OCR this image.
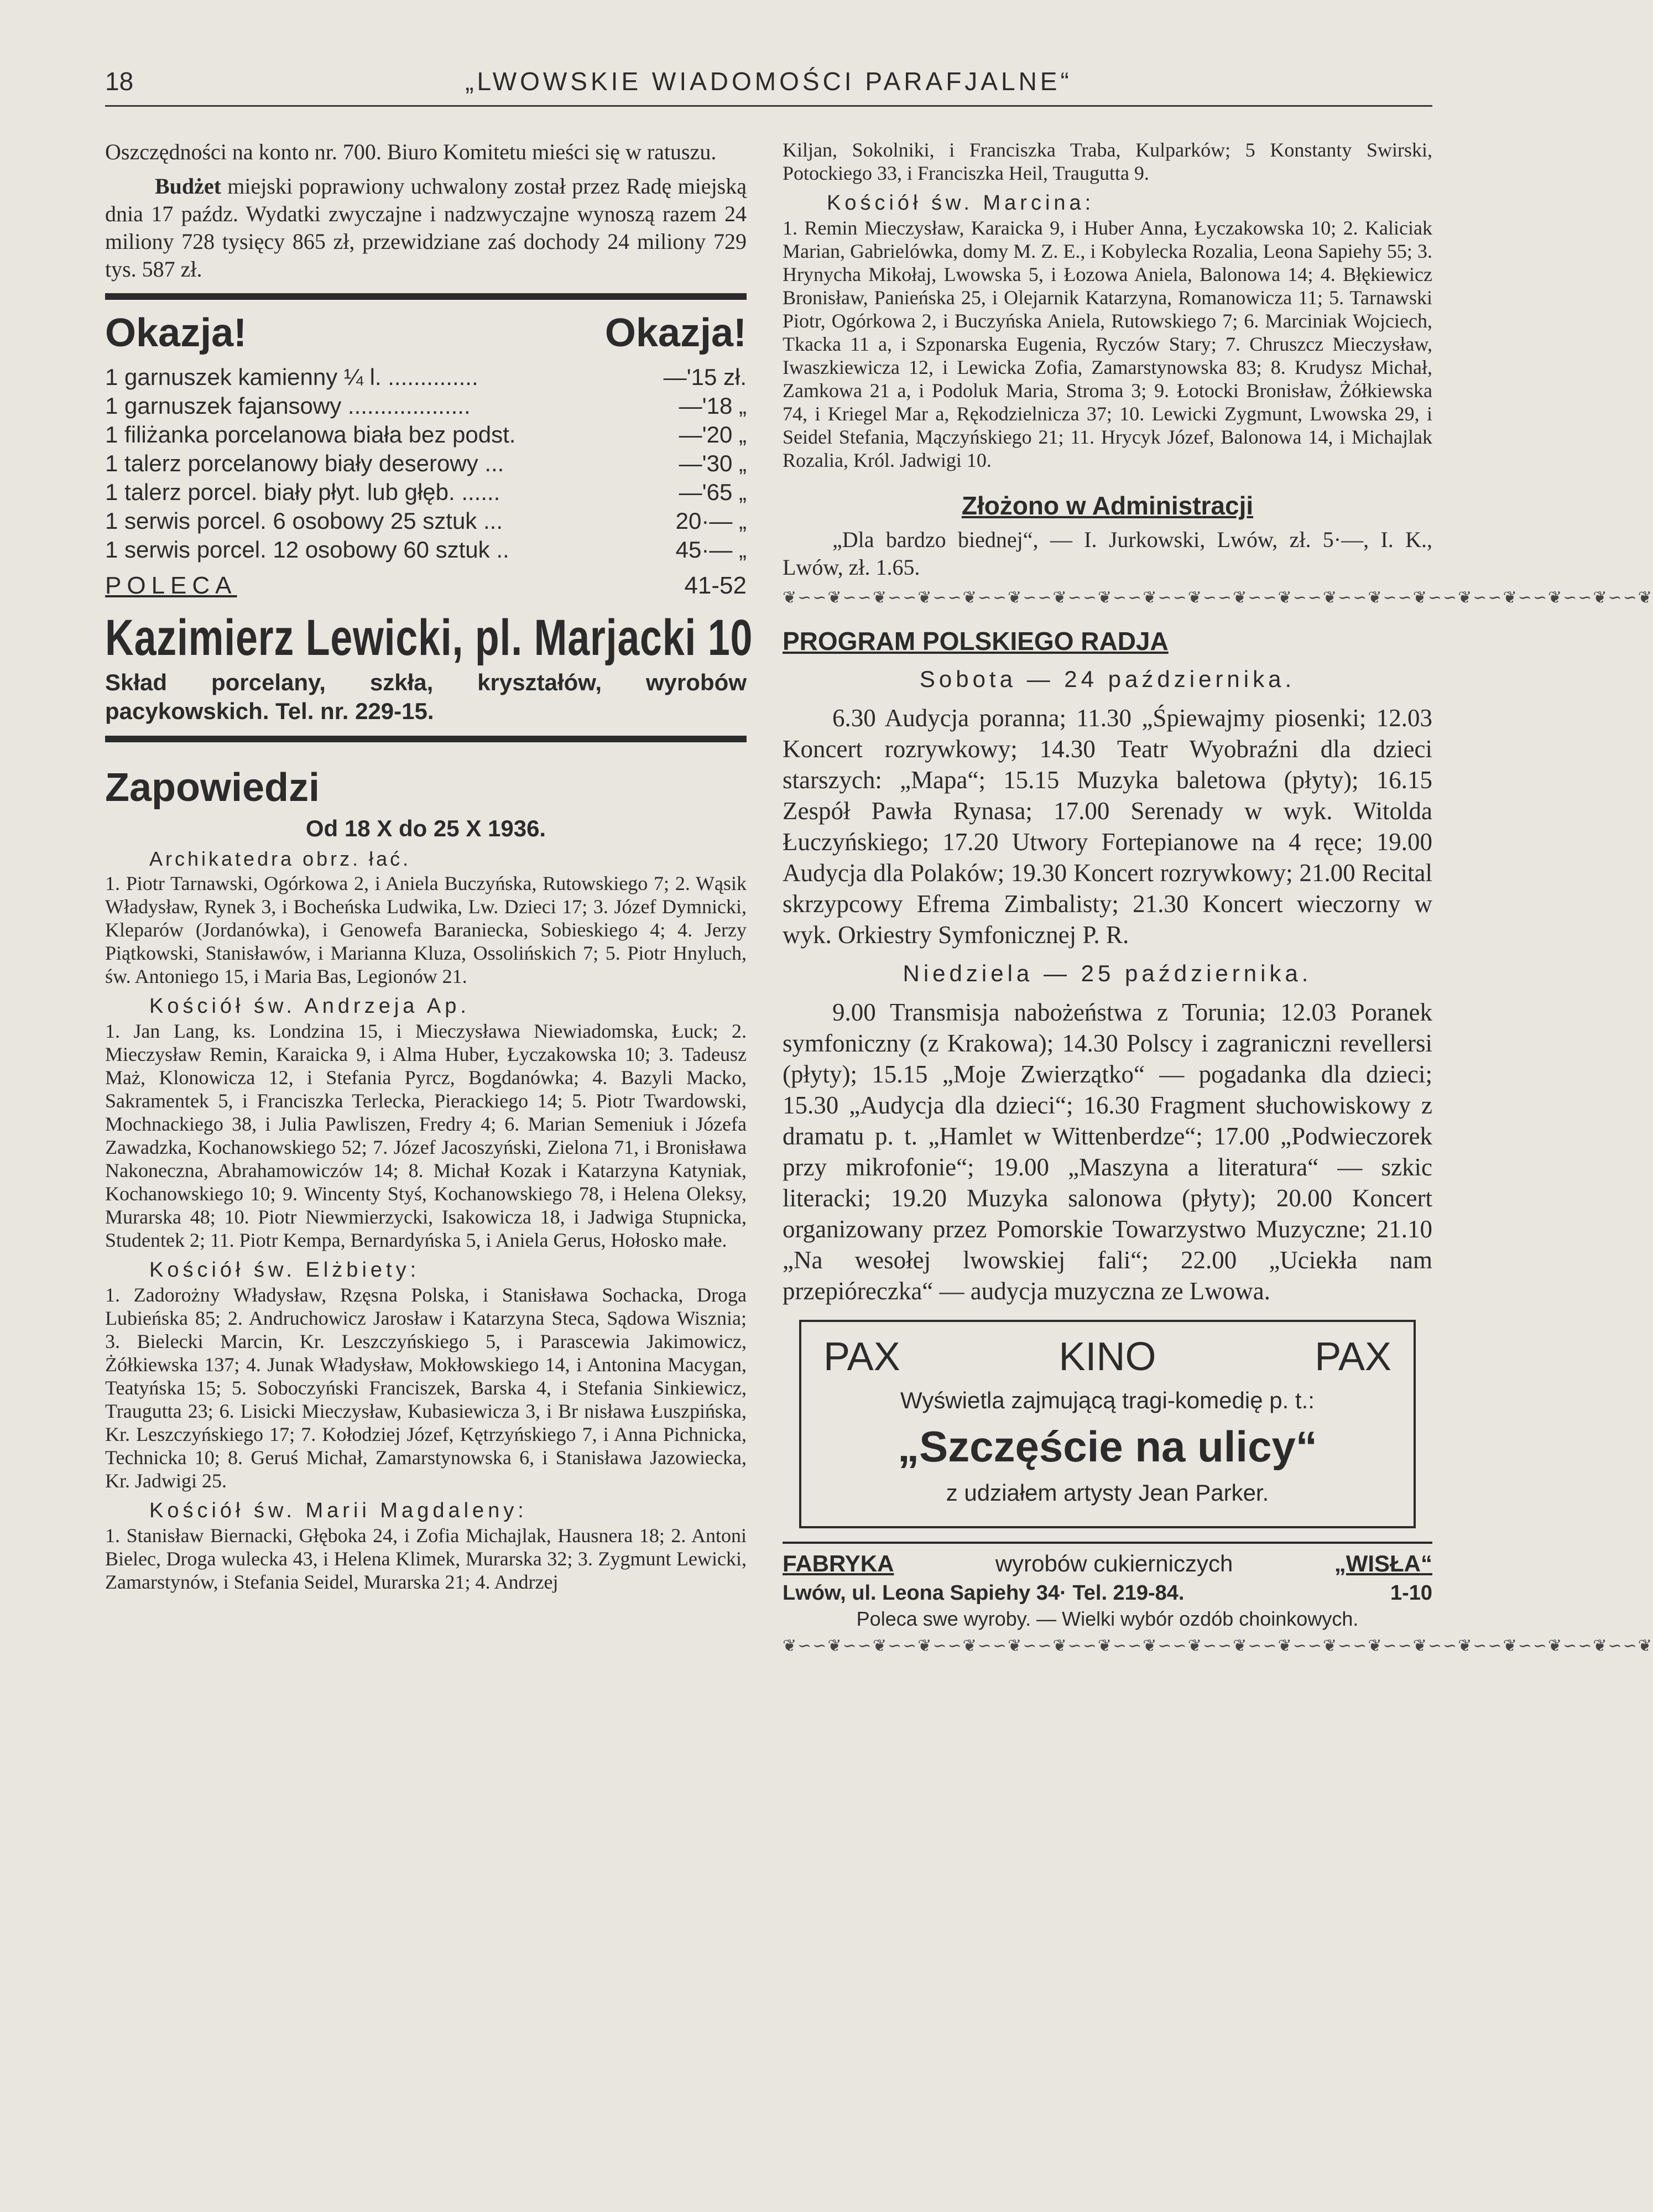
18	„LWOWSKIE WIADOMOŚCI PARAFJALNE“

Oszczędności na konto nr. 700. Biuro Komitetu mieści się w ratuszu.

Budżet miejski poprawiony uchwalony został przez Radę miejską dnia 17 paźdz. Wydatki zwyczajne i nadzwyczajne wynoszą razem 24 miliony 728 tysięcy 865 zł, przewidziane zaś dochody 24 miliony 729 tys. 587 zł.

Okazja!	Okazja!
1 garnuszek kamienny ¼ l. ..............	—'15 zł.
1 garnuszek fajansowy ...................	—'18 „
1 filiżanka porcelanowa biała bez podst.	—'20 „
1 talerz porcelanowy biały deserowy ...	—'30 „
1 talerz porcel. biały płyt. lub głęb. ......	—'65 „
1 serwis porcel. 6 osobowy 25 sztuk ...	20·— „
1 serwis porcel. 12 osobowy 60 sztuk ..	45·— „
POLECA	41-52
Kazimierz Lewicki, pl. Marjacki 10
Skład porcelany, szkła, kryształów, wyrobów pacykowskich. Tel. nr. 229-15.
Zapowiedzi
Od 18 X do 25 X 1936.
Archikatedra obrz. łać.

1. Piotr Tarnawski, Ogórkowa 2, i Aniela Buczyńska, Rutowskiego 7; 2. Wąsik Władysław, Rynek 3, i Bocheńska Ludwika, Lw. Dzieci 17; 3. Józef Dymnicki, Kleparów (Jordanówka), i Genowefa Baraniecka, Sobieskiego 4; 4. Jerzy Piątkowski, Stanisławów, i Marianna Kluza, Ossolińskich 7; 5. Piotr Hnyluch, św. Antoniego 15, i Maria Bas, Legionów 21.

Kościół św. Andrzeja Ap.

1. Jan Lang, ks. Londzina 15, i Mieczysława Niewiadomska, Łuck; 2. Mieczysław Remin, Karaicka 9, i Alma Huber, Łyczakowska 10; 3. Tadeusz Maż, Klonowicza 12, i Stefania Pyrcz, Bogdanówka; 4. Bazyli Macko, Sakramentek 5, i Franciszka Terlecka, Pierackiego 14; 5. Piotr Twardowski, Mochnackiego 38, i Julia Pawliszen, Fredry 4; 6. Marian Semeniuk i Józefa Zawadzka, Kochanowskiego 52; 7. Józef Jacoszyński, Zielona 71, i Bronisława Nakoneczna, Abrahamowiczów 14; 8. Michał Kozak i Katarzyna Katyniak, Kochanowskiego 10; 9. Wincenty Styś, Kochanowskiego 78, i Helena Oleksy, Murarska 48; 10. Piotr Niewmierzycki, Isakowicza 18, i Jadwiga Stupnicka, Studentek 2; 11. Piotr Kempa, Bernardyńska 5, i Aniela Gerus, Hołosko małe.

Kościół św. Elżbiety:

1. Zadorożny Władysław, Rzęsna Polska, i Stanisława Sochacka, Droga Lubieńska 85; 2. Andruchowicz Jarosław i Katarzyna Steca, Sądowa Wisznia; 3. Bielecki Marcin, Kr. Leszczyńskiego 5, i Parascewia Jakimowicz, Żółkiewska 137; 4. Junak Władysław, Mokłowskiego 14, i Antonina Macygan, Teatyńska 15; 5. Soboczyński Franciszek, Barska 4, i Stefania Sinkiewicz, Traugutta 23; 6. Lisicki Mieczysław, Kubasiewicza 3, i Br nisława Łuszpińska, Kr. Leszczyńskiego 17; 7. Kołodziej Józef, Kętrzyńskiego 7, i Anna Pichnicka, Technicka 10; 8. Geruś Michał, Zamarstynowska 6, i Stanisława Jazowiecka, Kr. Jadwigi 25.

Kościół św. Marii Magdaleny:

1. Stanisław Biernacki, Głęboka 24, i Zofia Michajlak, Hausnera 18; 2. Antoni Bielec, Droga wulecka 43, i Helena Klimek, Murarska 32; 3. Zygmunt Lewicki, Zamarstynów, i Stefania Seidel, Murarska 21; 4. Andrzej

Kiljan, Sokolniki, i Franciszka Traba, Kulparków; 5 Konstanty Swirski, Potockiego 33, i Franciszka Heil, Traugutta 9.

Kościół św. Marcina:

1. Remin Mieczysław, Karaicka 9, i Huber Anna, Łyczakowska 10; 2. Kaliciak Marian, Gabrielówka, domy M. Z. E., i Kobylecka Rozalia, Leona Sapiehy 55; 3. Hrynycha Mikołaj, Lwowska 5, i Łozowa Aniela, Balonowa 14; 4. Błękiewicz Bronisław, Panieńska 25, i Olejarnik Katarzyna, Romanowicza 11; 5. Tarnawski Piotr, Ogórkowa 2, i Buczyńska Aniela, Rutowskiego 7; 6. Marciniak Wojciech, Tkacka 11 a, i Szponarska Eugenia, Ryczów Stary; 7. Chruszcz Mieczysław, Iwaszkiewicza 12, i Lewicka Zofia, Zamarstynowska 83; 8. Krudysz Michał, Zamkowa 21 a, i Podoluk Maria, Stroma 3; 9. Łotocki Bronisław, Żółkiewska 74, i Kriegel Mar a, Rękodzielnicza 37; 10. Lewicki Zygmunt, Lwowska 29, i Seidel Stefania, Mączyńskiego 21; 11. Hrycyk Józef, Balonowa 14, i Michajlak Rozalia, Król. Jadwigi 10.

Złożono w Administracji

„Dla bardzo biednej“, — I. Jurkowski, Lwów, zł. 5·—, I. K., Lwów, zł. 1.65.

❦∽∽❦∽∽❦∽∽❦∽∽❦∽∽❦∽∽❦∽∽❦∽∽❦∽∽❦∽∽❦∽∽❦∽∽❦∽∽❦∽∽❦∽∽❦∽∽❦∽∽❦∽∽❦∽∽❦
PROGRAM POLSKIEGO RADJA
Sobota — 24 października.

6.30 Audycja poranna; 11.30 „Śpiewajmy piosenki; 12.03 Koncert rozrywkowy; 14.30 Teatr Wyobraźni dla dzieci starszych: „Mapa“; 15.15 Muzyka baletowa (płyty); 16.15 Zespół Pawła Rynasa; 17.00 Serenady w wyk. Witolda Łuczyńskiego; 17.20 Utwory Fortepianowe na 4 ręce; 19.00 Audycja dla Polaków; 19.30 Koncert rozrywkowy; 21.00 Recital skrzypcowy Efrema Zimbalisty; 21.30 Koncert wieczorny w wyk. Orkiestry Symfonicznej P. R.

Niedziela — 25 października.

9.00 Transmisja nabożeństwa z Torunia; 12.03 Poranek symfoniczny (z Krakowa); 14.30 Polscy i zagraniczni revellersi (płyty); 15.15 „Moje Zwierzątko“ — pogadanka dla dzieci; 15.30 „Audycja dla dzieci“; 16.30 Fragment słuchowiskowy z dramatu p. t. „Hamlet w Wittenberdze“; 17.00 „Podwieczorek przy mikrofonie“; 19.00 „Maszyna a literatura“ — szkic literacki; 19.20 Muzyka salonowa (płyty); 20.00 Koncert organizowany przez Pomorskie Towarzystwo Muzyczne; 21.10 „Na wesołej lwowskiej fali“; 22.00 „Uciekła nam przepióreczka“ — audycja muzyczna ze Lwowa.

PAX	KINO	PAX
Wyświetla zajmującą tragi-komedię p. t.:
„Szczęście na ulicy“
z udziałem artysty Jean Parker.
FABRYKA	wyrobów cukierniczych	„WISŁA“
Lwów, ul. Leona Sapiehy 34· Tel. 219-84.	1-10
Poleca swe wyroby. — Wielki wybór ozdób choinkowych.
❦∽∽❦∽∽❦∽∽❦∽∽❦∽∽❦∽∽❦∽∽❦∽∽❦∽∽❦∽∽❦∽∽❦∽∽❦∽∽❦∽∽❦∽∽❦∽∽❦∽∽❦∽∽❦∽∽❦
